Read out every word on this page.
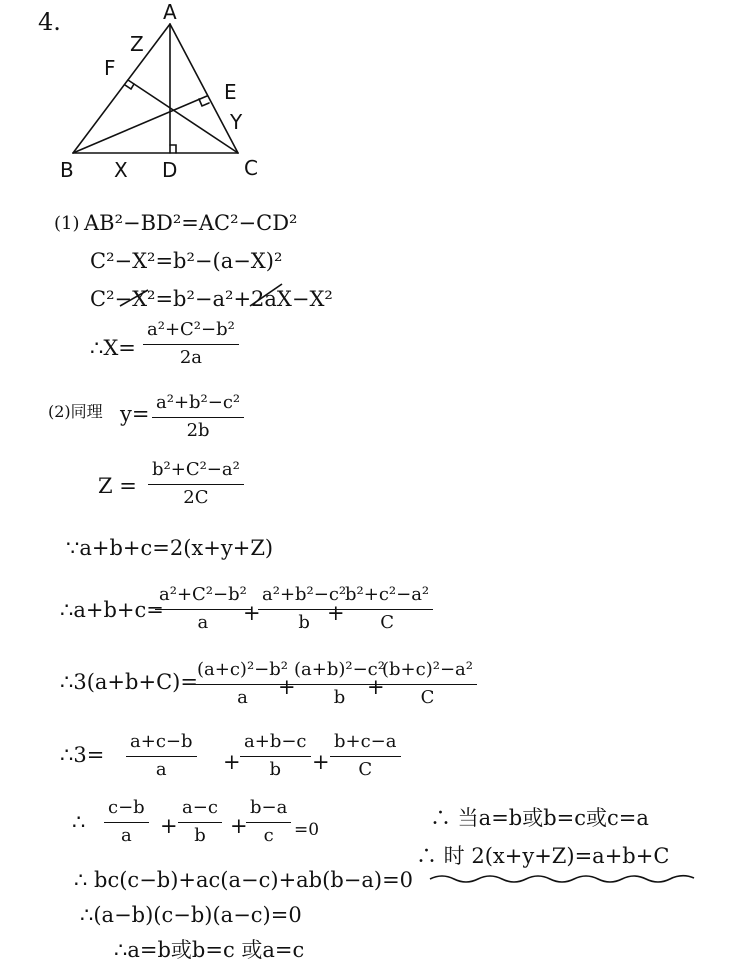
4.	A
B	C
D
E
F
X
Y
Z
(1) AB²−BD²=AC²−CD²
C²−X²=b²−(a−X)²
C²−X²=b²−a²+2aX−X²
∴X= $\frac{\text{a²+C²−b²}}{2a}$
(2)同理 $y= \frac{\text{a²+b²−c²}}{2b}$
$Z = \frac{\text{b²+C²−a²}}{2C}$
∵a+b+c=2(x+y+Z)
∴a+b+c=
$\frac{\text{a²+C²−b²}}{a}$
+
$\frac{\text{a²+b²−c²}}{b}$
+
$\frac{\text{b²+c²−a²}}{C}$
∴3(a+b+C)=
$\frac{\text{(a+c)²−b²}}{a}$
+
$\frac{\text{(a+b)²−c²}}{b}$
+
$\frac{\text{(b+c)²−a²}}{C}$
∴3= $\frac{a+c-b}{a} + \frac{a+b-c}{b} + \frac{b+c-a}{C}$
∴ $\frac{c-b}{a} + \frac{a-c}{b}$ +
$\frac{b-a}{c} =0$
∴ bc(c−b)+ac(a−c)+ab(b−a)=0
∴(a−b)(c−b)(a−c)=0
∴a=b或b=c 或a=c
∴ 当a=b或b=c或c=a
∴ 时 2(x+y+Z)=a+b+C
